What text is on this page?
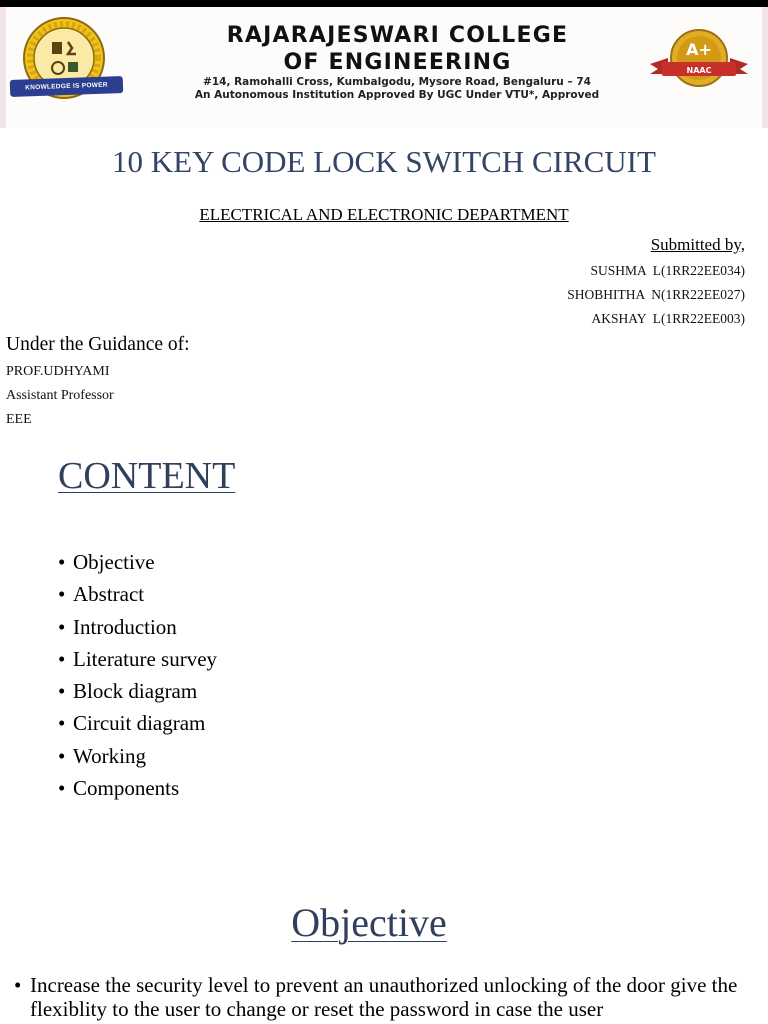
KNOWLEDGE IS POWER
RAJARAJESWARI COLLEGE
OF ENGINEERING
#14, Ramohalli Cross, Kumbalgodu, Mysore Road, Bengaluru – 74
An Autonomous Institution Approved By UGC Under VTU*, Approved
A+
NAAC
10 KEY CODE LOCK SWITCH CIRCUIT
ELECTRICAL AND ELECTRONIC DEPARTMENT
Submitted by,
SUSHMA  L(1RR22EE034)
SHOBHITHA  N(1RR22EE027)
AKSHAY  L(1RR22EE003)
Under the Guidance of:
PROF.UDHYAMI
Assistant Professor
EEE
CONTENT
• Objective
• Abstract
• Introduction
• Literature survey
• Block diagram
• Circuit diagram
• Working
• Components
Objective
• Increase the security level to prevent an unauthorized unlocking of the door give the flexiblity to the user to change or reset the password in case the user
